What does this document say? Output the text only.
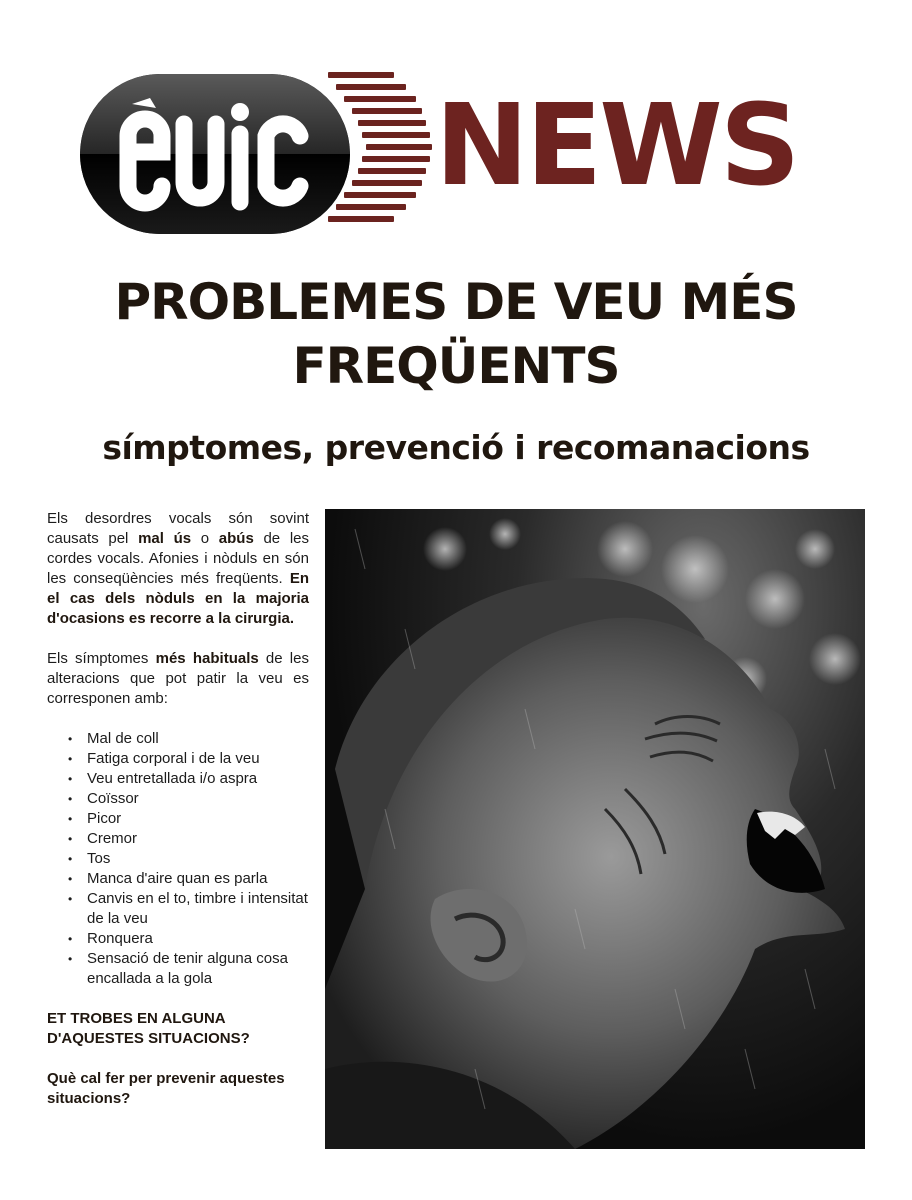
NEWS
PROBLEMES DE VEU MÉS FREQÜENTS
símptomes, prevenció i recomanacions

Els desordres vocals són sovint causats pel mal ús o abús de les cordes vocals. Afonies i nòduls en són les conseqüències més freqüents. En el cas dels nòduls en la majoria d'ocasions es recorre a la cirurgia.

Els símptomes més habituals de les alteracions que pot patir la veu es corresponen amb:

• Mal de coll
• Fatiga corporal i de la veu
• Veu entretallada i/o aspra
• Coïssor
• Picor
• Cremor
• Tos
• Manca d'aire quan es parla
• Canvis en el to, timbre i intensitat de la veu
• Ronquera
• Sensació de tenir alguna cosa encallada a la gola

ET TROBES EN ALGUNA D'AQUESTES SITUACIONS?

Què cal fer per prevenir aquestes situacions?
